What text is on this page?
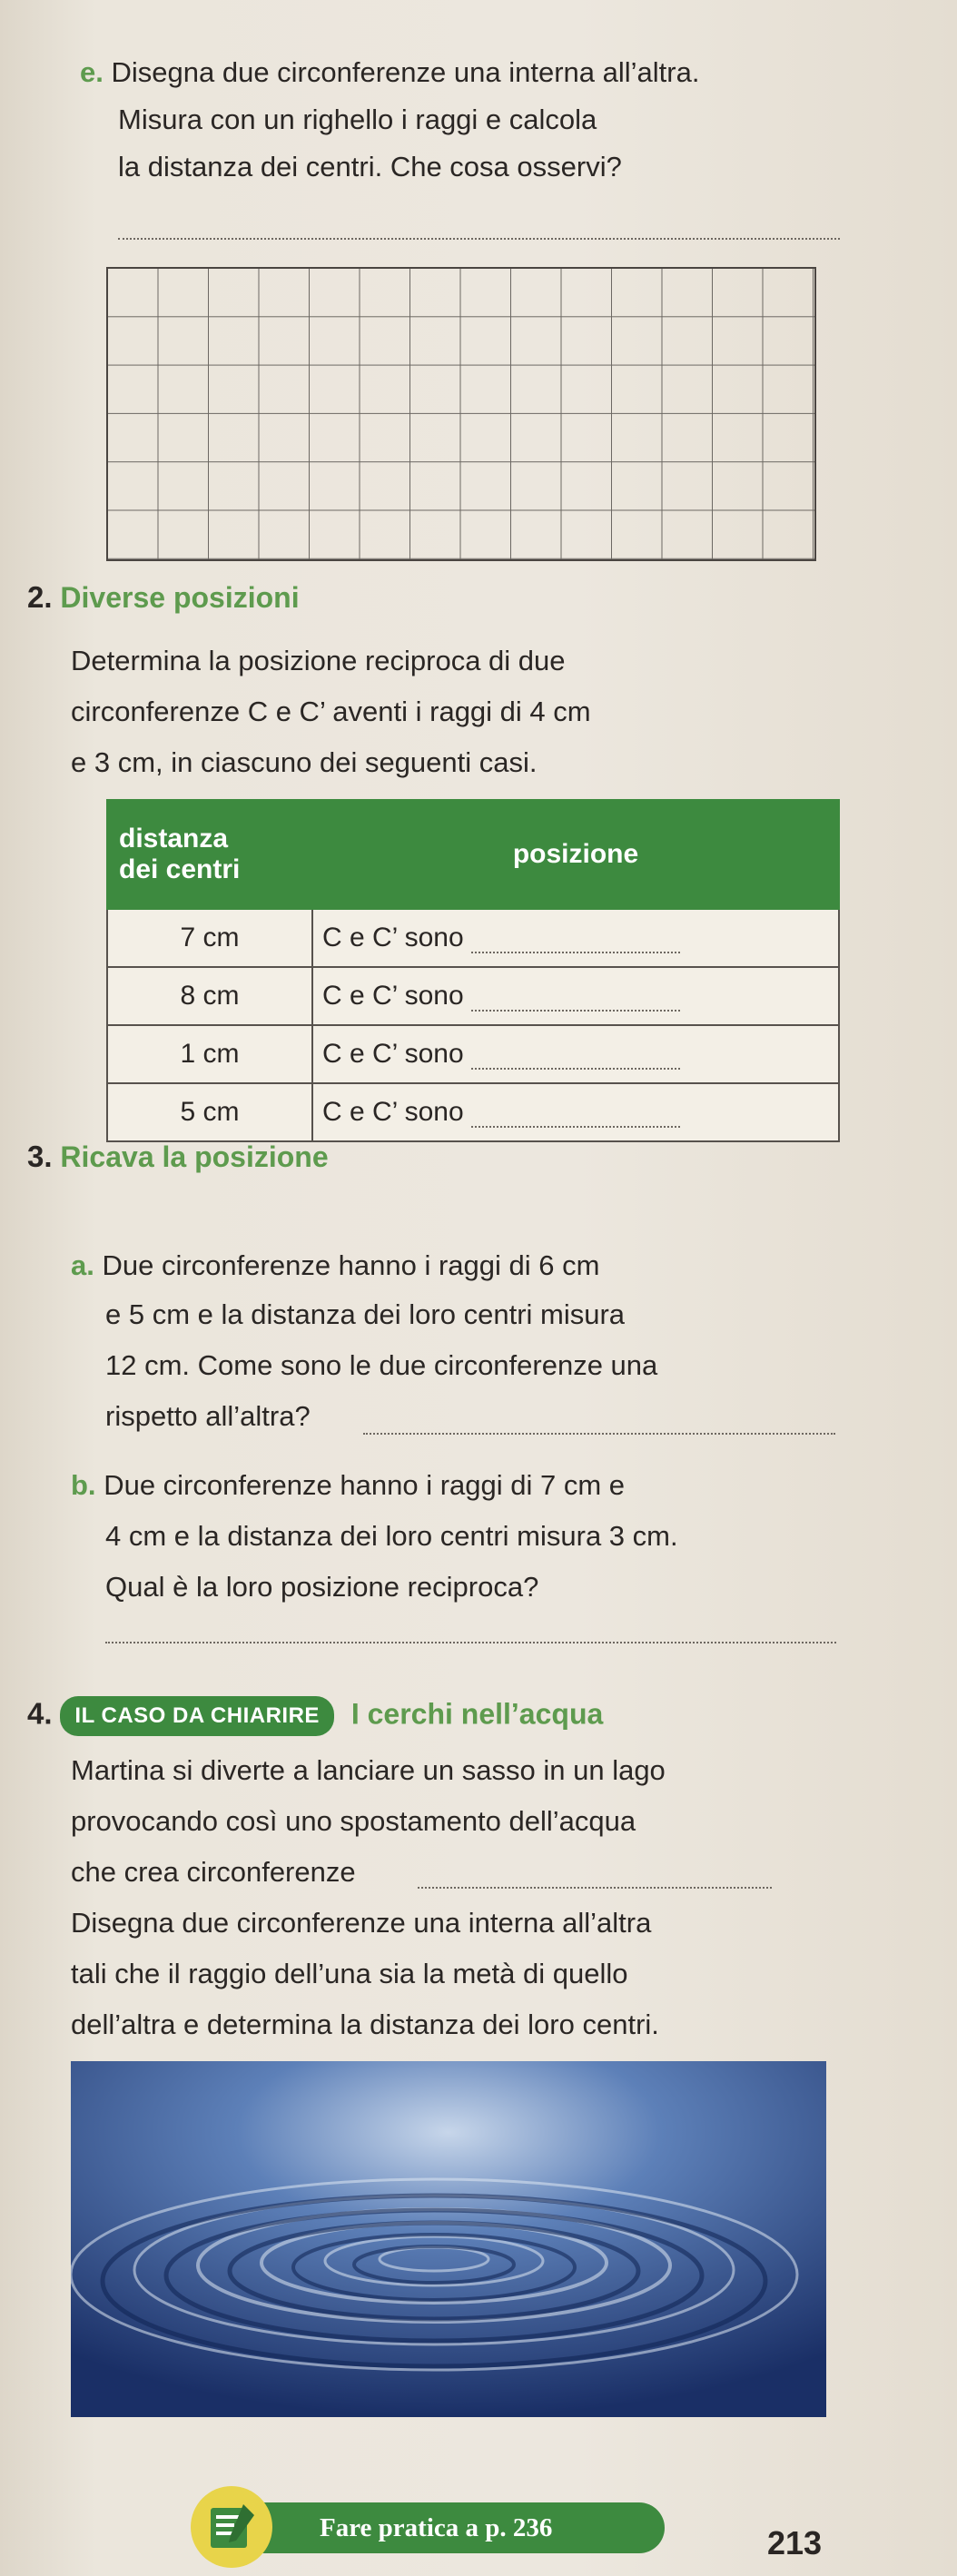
e. Disegna due circonferenze una interna all’altra.
Misura con un righello i raggi e calcola
la distanza dei centri. Che cosa osservi?
2. Diverse posizioni
Determina la posizione reciproca di due
circonferenze C e C’ aventi i raggi di 4 cm
e 3 cm, in ciascuno dei seguenti casi.
distanza
dei centri	posizione
7 cm	C e C’ sono
8 cm	C e C’ sono
1 cm	C e C’ sono
5 cm	C e C’ sono
3. Ricava la posizione
a. Due circonferenze hanno i raggi di 6 cm
e 5 cm e la distanza dei loro centri misura
12 cm. Come sono le due circonferenze una
rispetto all’altra?
b. Due circonferenze hanno i raggi di 7 cm e
4 cm e la distanza dei loro centri misura 3 cm.
Qual è la loro posizione reciproca?
4. IL CASO DA CHIARIRE I cerchi nell’acqua
Martina si diverte a lanciare un sasso in un lago
provocando così uno spostamento dell’acqua
che crea circonferenze
Disegna due circonferenze una interna all’altra
tali che il raggio dell’una sia la metà di quello
dell’altra e determina la distanza dei loro centri.
Fare pratica a p. 236	213
